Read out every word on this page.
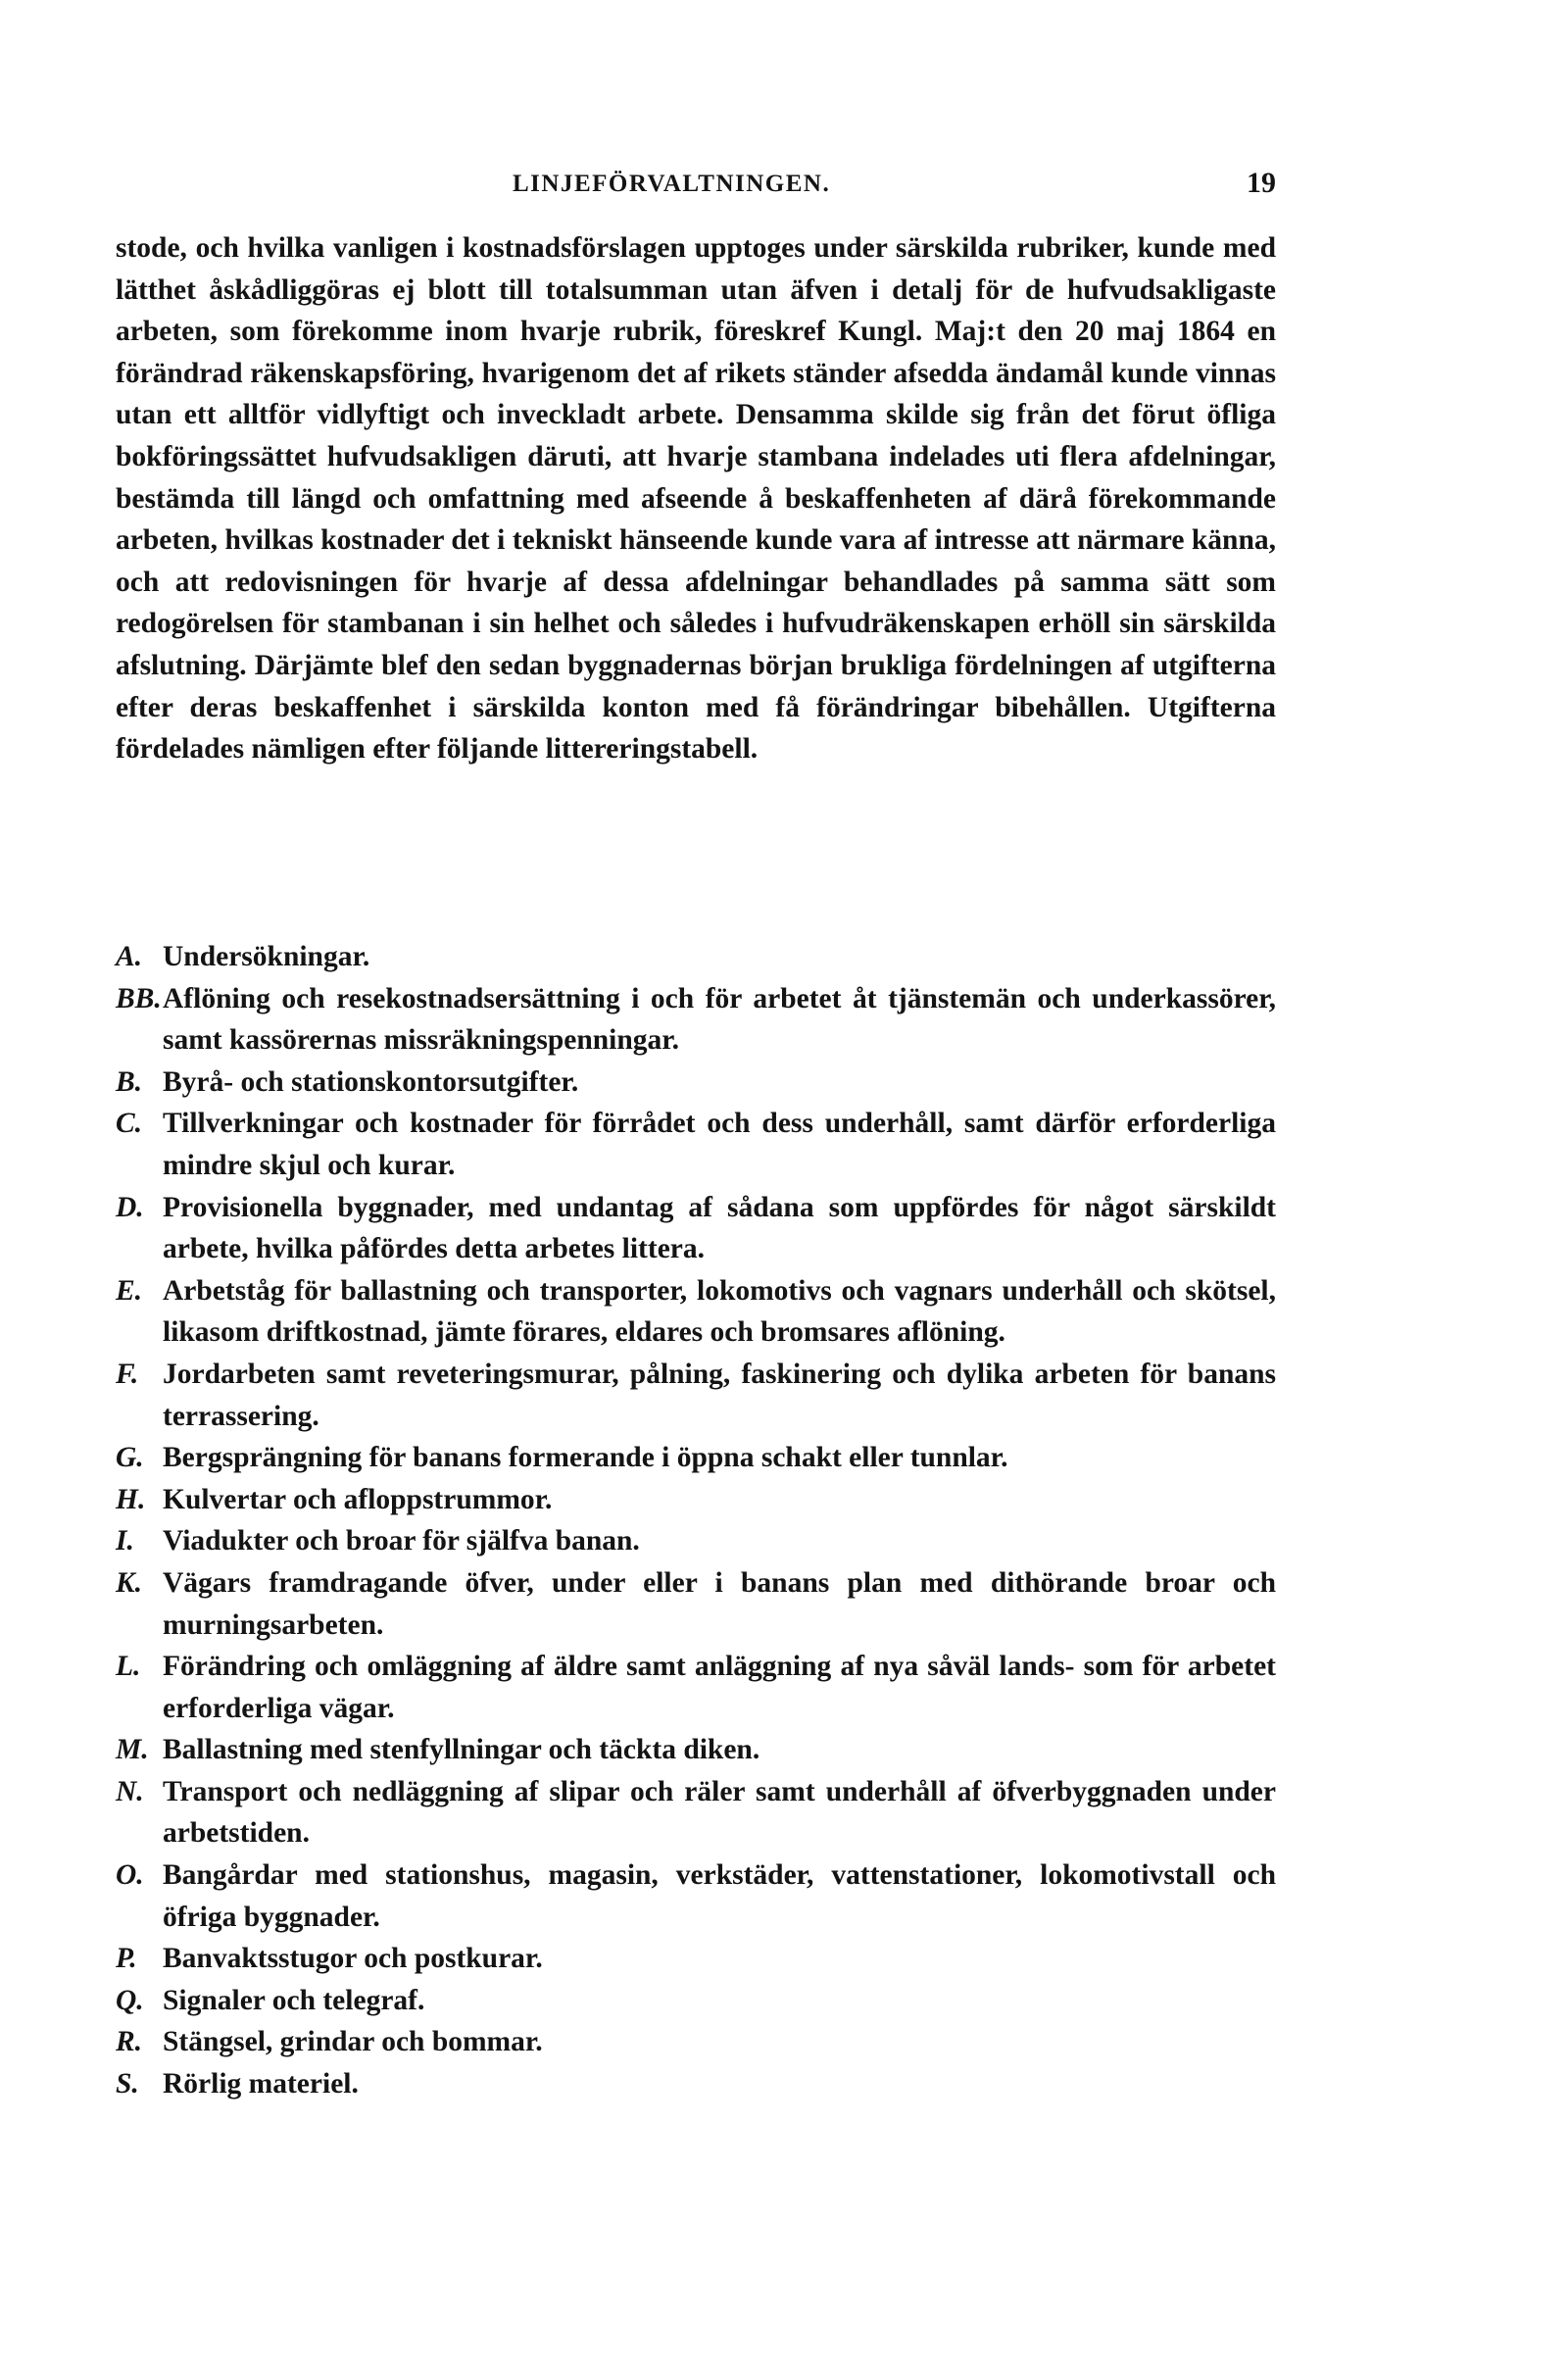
LINJEFÖRVALTNINGEN.	19

stode, och hvilka vanligen i kostnadsförslagen upptoges under särskilda rubriker, kunde med lätthet åskådliggöras ej blott till totalsumman utan äfven i detalj för de hufvudsakligaste arbeten, som förekomme inom hvarje rubrik, föreskref Kungl. Maj:t den 20 maj 1864 en förändrad räkenskapsföring, hvarigenom det af rikets ständer afsedda ändamål kunde vinnas utan ett alltför vidlyftigt och inveckladt arbete. Densamma skilde sig från det förut öfliga bokföringssättet hufvudsakligen däruti, att hvarje stambana indelades uti flera afdelningar, bestämda till längd och omfattning med afseende å beskaffenheten af därå förekommande arbeten, hvilkas kostnader det i tekniskt hänseende kunde vara af intresse att närmare känna, och att redovisningen för hvarje af dessa afdelningar behandlades på samma sätt som redogörelsen för stambanan i sin helhet och således i hufvudräkenskapen erhöll sin särskilda afslutning. Därjämte blef den sedan byggnadernas början brukliga fördelningen af utgifterna efter deras beskaffenhet i särskilda konton med få förändringar bibehållen. Utgifterna fördelades nämligen efter följande littereringstabell.

A. Undersökningar.
BB. Aflöning och resekostnadsersättning i och för arbetet åt tjänstemän och underkassörer, samt kassörernas missräkningspenningar.
B. Byrå- och stationskontorsutgifter.
C. Tillverkningar och kostnader för förrådet och dess underhåll, samt därför erforderliga mindre skjul och kurar.
D. Provisionella byggnader, med undantag af sådana som uppfördes för något särskildt arbete, hvilka påfördes detta arbetes littera.
E. Arbetståg för ballastning och transporter, lokomotivs och vagnars underhåll och skötsel, likasom driftkostnad, jämte förares, eldares och bromsares aflöning.
F. Jordarbeten samt reveteringsmurar, pålning, faskinering och dylika arbeten för banans terrassering.
G. Bergsprängning för banans formerande i öppna schakt eller tunnlar.
H. Kulvertar och afloppstrummor.
I. Viadukter och broar för själfva banan.
K. Vägars framdragande öfver, under eller i banans plan med dithörande broar och murningsarbeten.
L. Förändring och omläggning af äldre samt anläggning af nya såväl lands- som för arbetet erforderliga vägar.
M. Ballastning med stenfyllningar och täckta diken.
N. Transport och nedläggning af slipar och räler samt underhåll af öfverbyggnaden under arbetstiden.
O. Bangårdar med stationshus, magasin, verkstäder, vattenstationer, lokomotivstall och öfriga byggnader.
P. Banvaktsstugor och postkurar.
Q. Signaler och telegraf.
R. Stängsel, grindar och bommar.
S. Rörlig materiel.
